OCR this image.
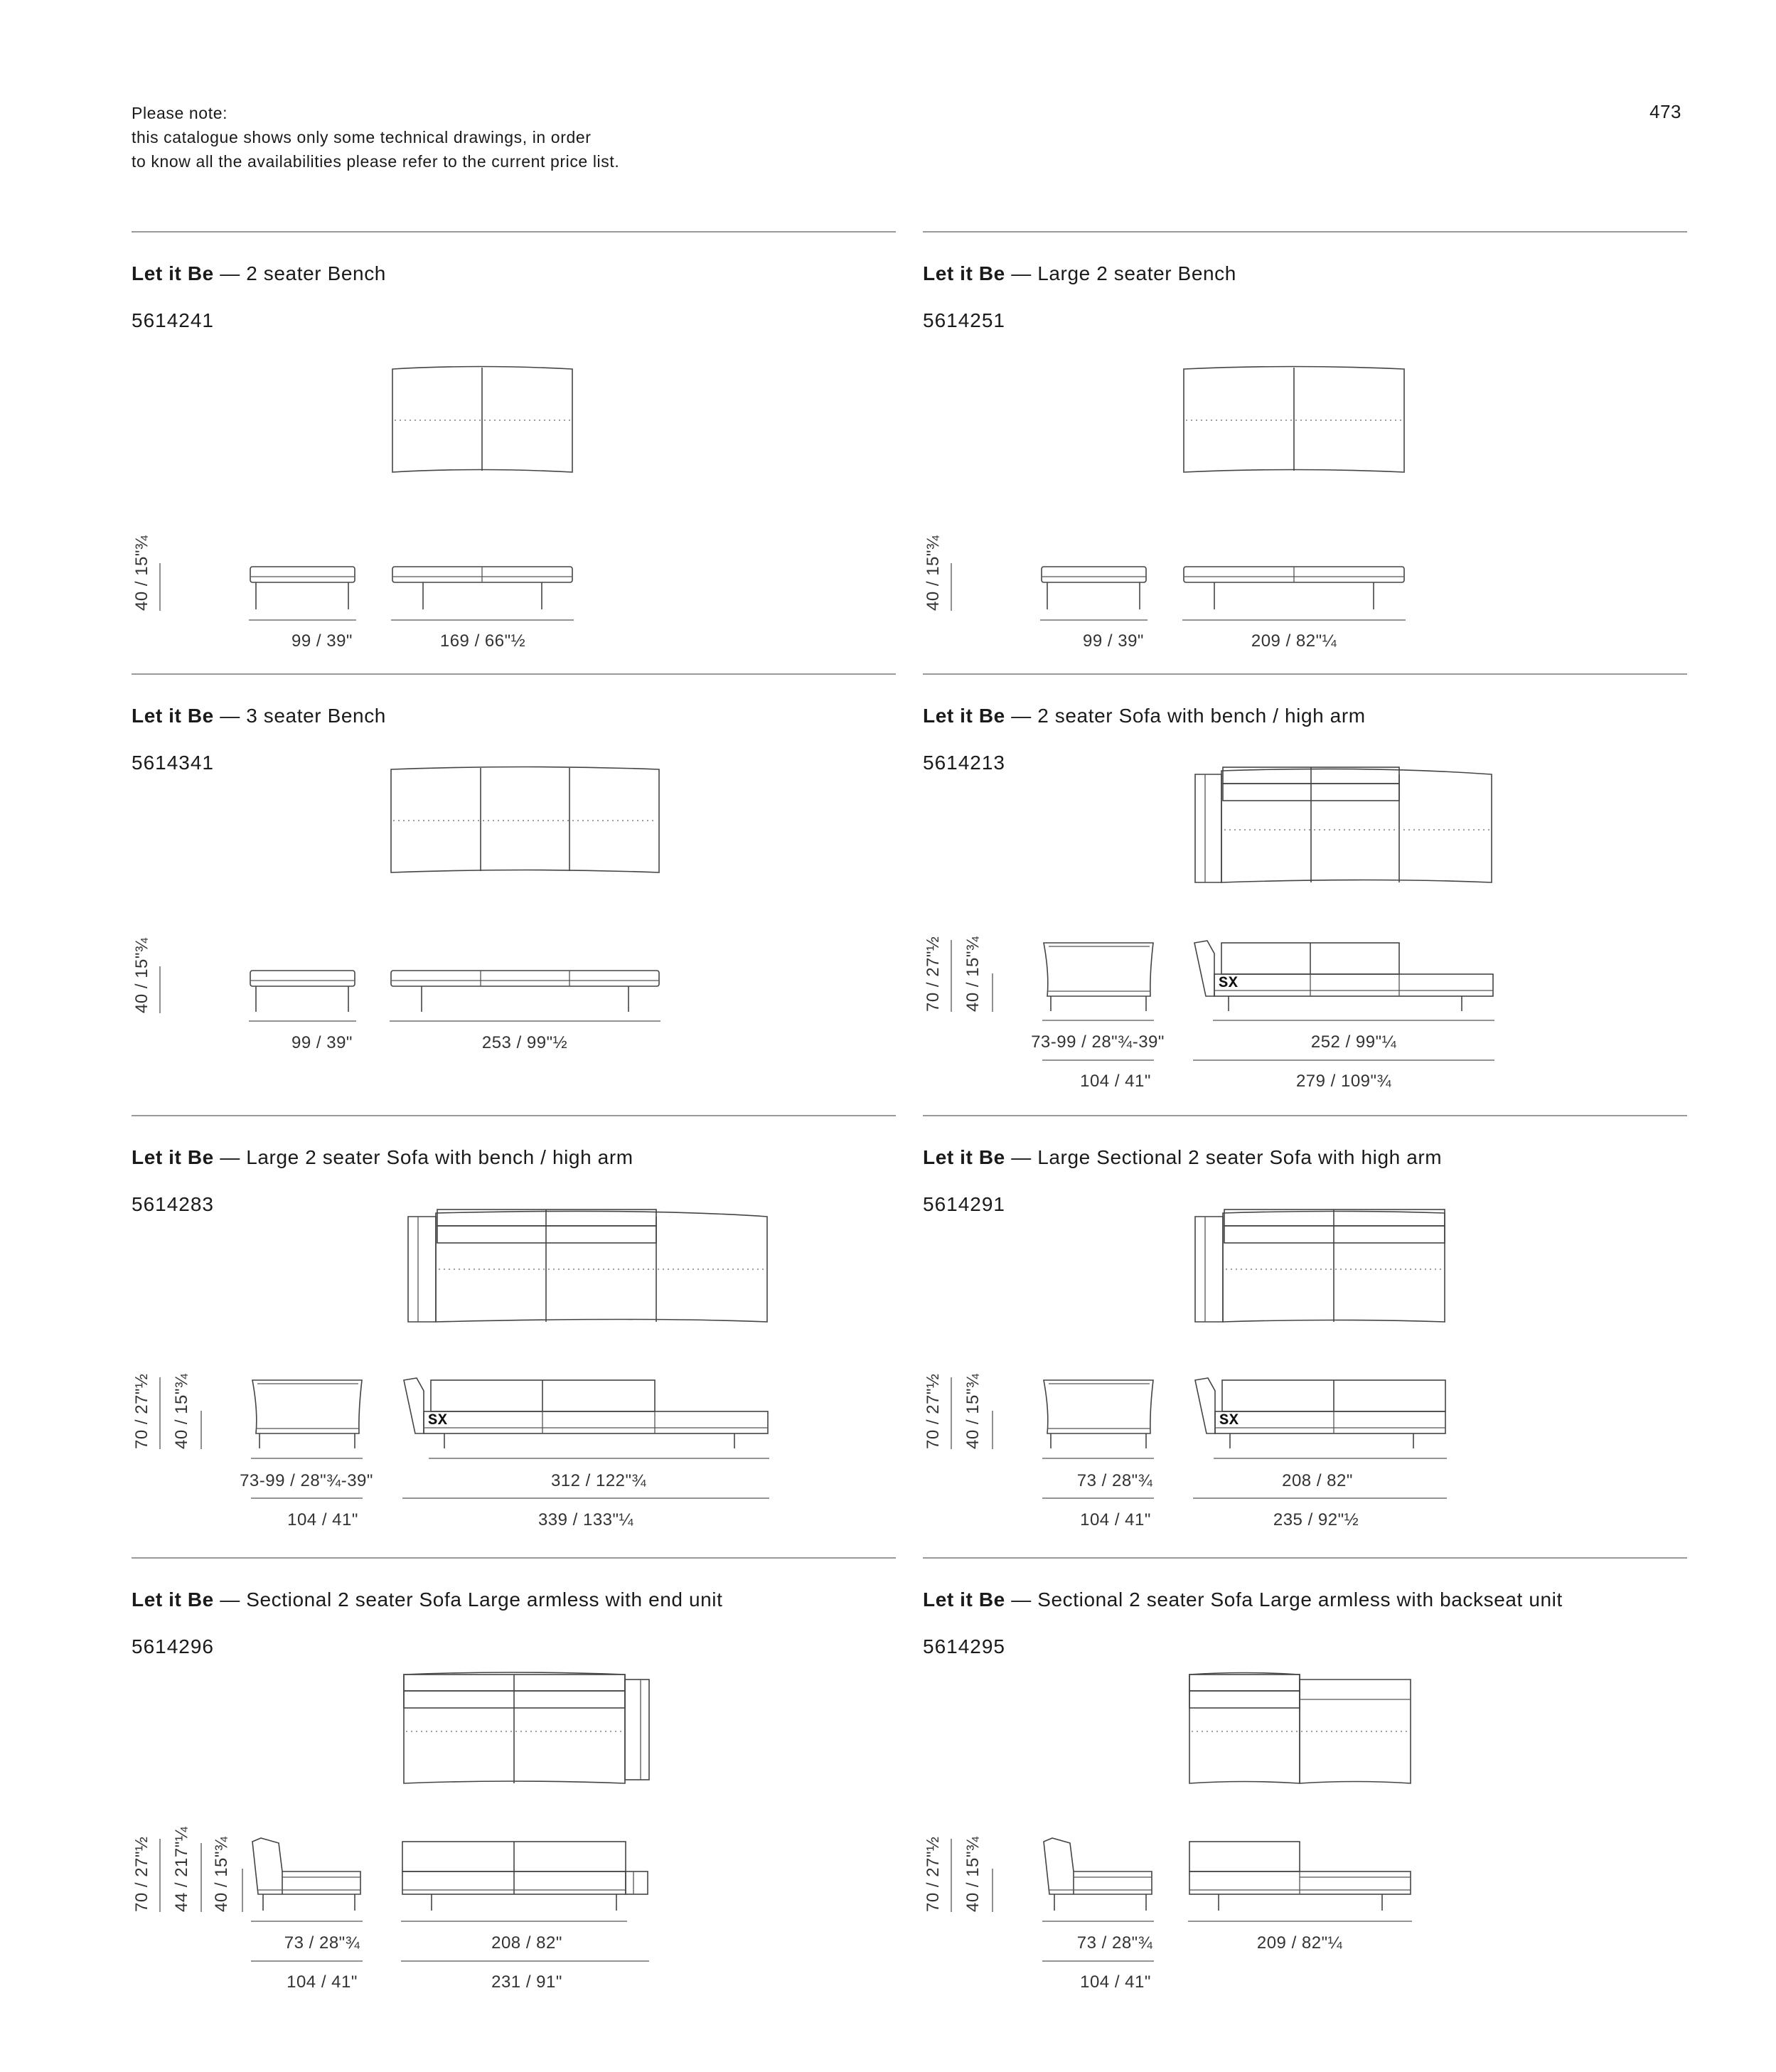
Please note:
this catalogue shows only some technical drawings, in order
to know all the availabilities please refer to the current price list.
473
Let it Be — 2 seater Bench
5614241
40 / 15"¾
99 / 39"	169 / 66"½
Let it Be — Large 2 seater Bench
5614251
40 / 15"¾
99 / 39"	209 / 82"¼
Let it Be — 3 seater Bench
5614341
40 / 15"¾
99 / 39"	253 / 99"½
Let it Be — 2 seater Sofa with bench / high arm
5614213
SX
70 / 27"½ 40 / 15"¾
73-99 / 28"¾-39"
104 / 41"
252 / 99"¼
279 / 109"¾
Let it Be — Large 2 seater Sofa with bench / high arm
5614283
SX
70 / 27"½ 40 / 15"¾
73-99 / 28"¾-39"
104 / 41"
312 / 122"¾
339 / 133"¼
Let it Be — Large Sectional 2 seater Sofa with high arm
5614291
SX
70 / 27"½ 40 / 15"¾
73 / 28"¾
104 / 41"
208 / 82"
235 / 92"½
Let it Be — Sectional 2 seater Sofa Large armless with end unit
5614296
70 / 27"½ 44 / 217"¼ 40 / 15"¾
73 / 28"¾
104 / 41"
208 / 82"
231 / 91"
Let it Be — Sectional 2 seater Sofa Large armless with backseat unit
5614295
70 / 27"½ 40 / 15"¾
73 / 28"¾
104 / 41"
209 / 82"¼
